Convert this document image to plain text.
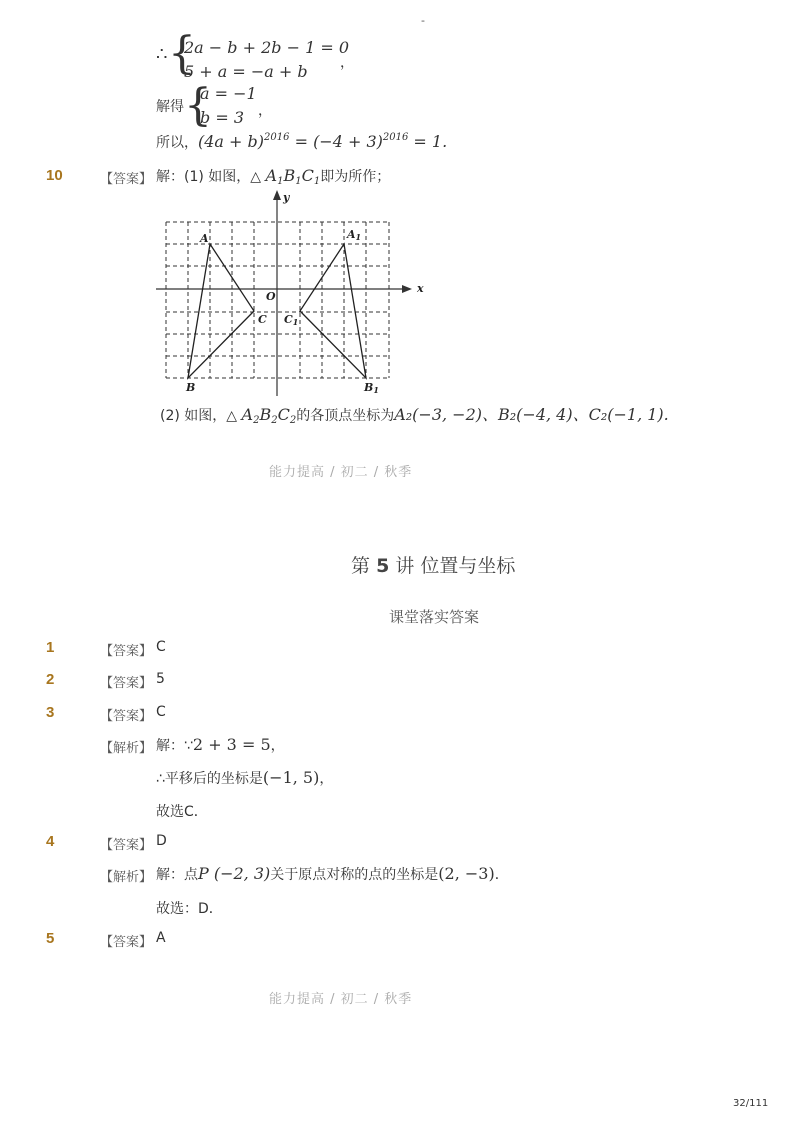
-
∴ {
2a − b + 2b − 1 = 0
5 + a = −a + b ，
解得 {
a = −1
b = 3 ，
所以，$(4a + b)^{2016} = (-4 + 3)^{2016} = 1$.
10	【答案】 解：(1) 如图，△ $A_1B_1C_1$即为所作；
x
y
O
A
B
C
A1
B1
C1
(2) 如图，△ $A_2B_2C_2$的各顶点坐标为A₂(−3, −2)、B₂(−4, 4)、C₂(−1, 1).
能力提高 / 初二 / 秋季
第 5 讲 位置与坐标
课堂落实答案
1	【答案】 C
2	【答案】 5
3	【答案】 C
【解析】 解：∵2 + 3 = 5，
∴平移后的坐标是(−1, 5)，
故选C．
4	【答案】 D
【解析】 解：点P (−2, 3)关于原点对称的点的坐标是(2, −3)．
故选：D．
5	【答案】 A
能力提高 / 初二 / 秋季
32/111
